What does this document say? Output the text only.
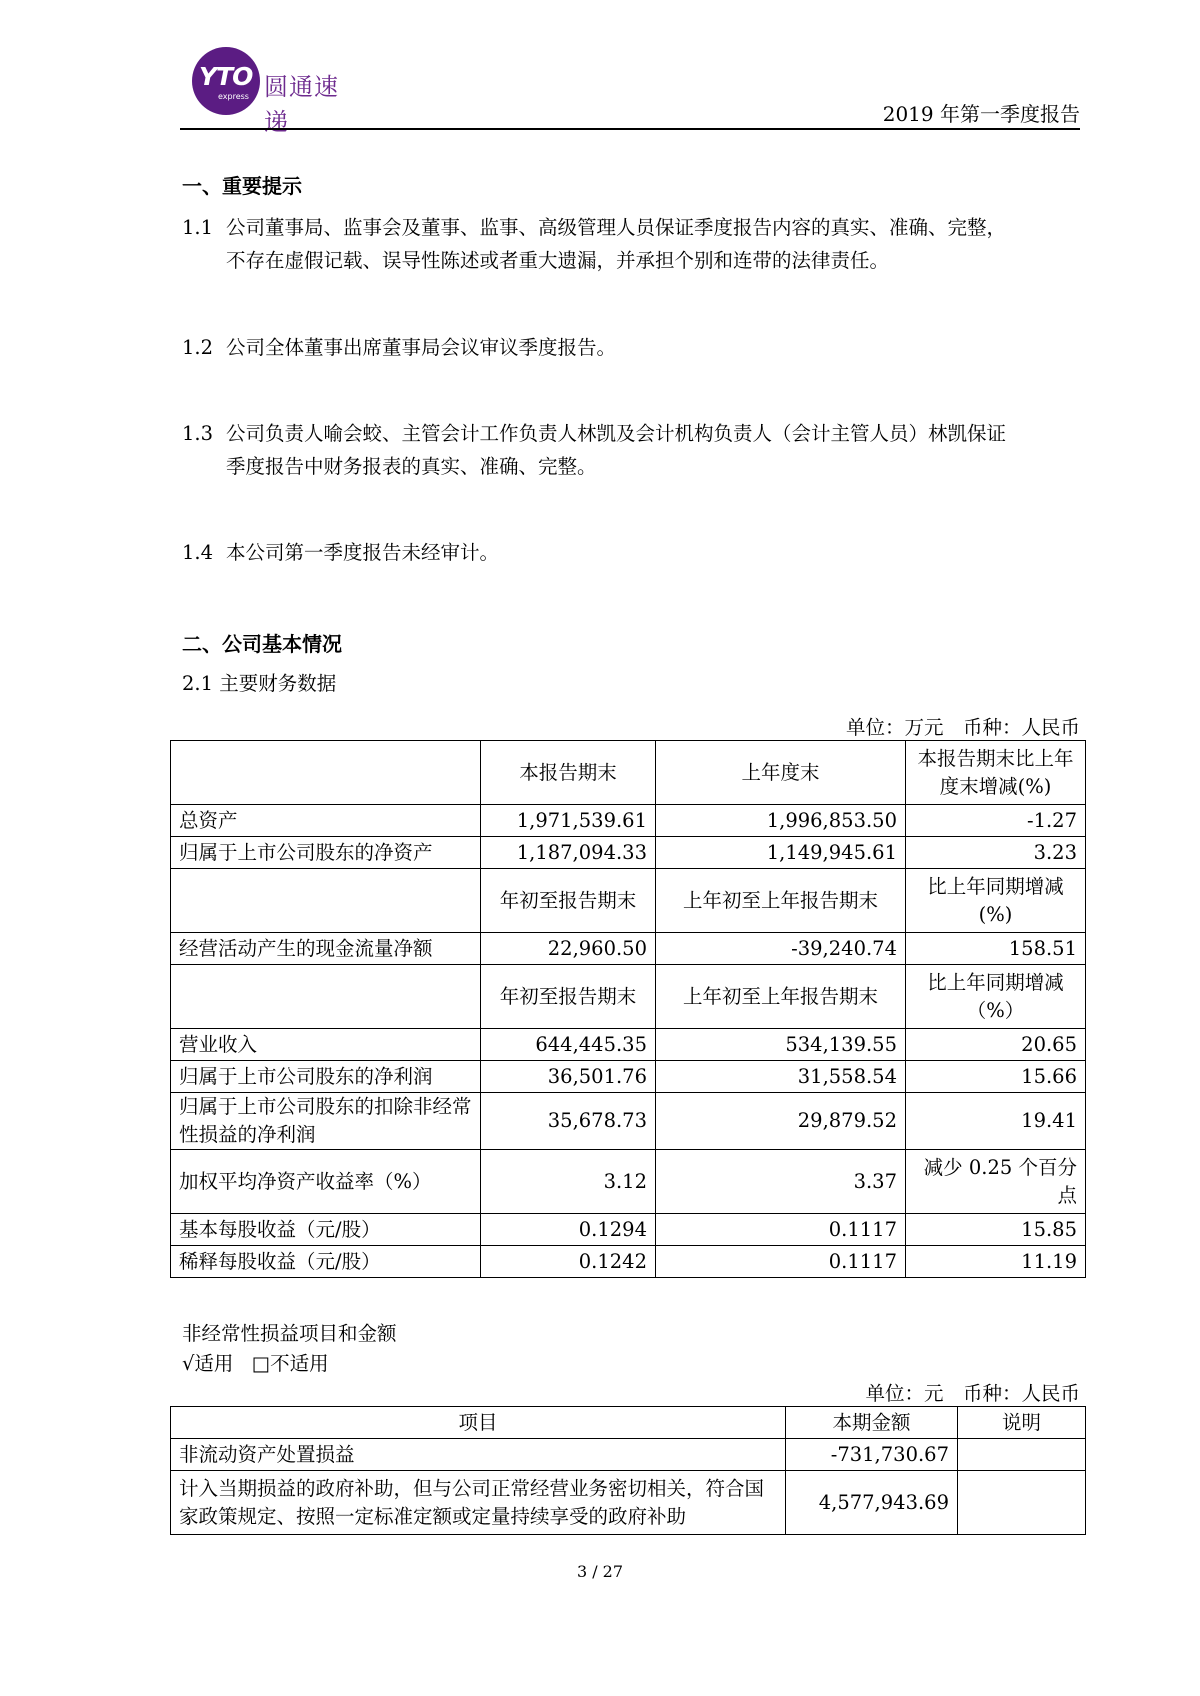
YTO
express 圆通速递	2019 年第一季度报告
一、重要提示
1.1 公司董事局、监事会及董事、监事、高级管理人员保证季度报告内容的真实、准确、完整，
不存在虚假记载、误导性陈述或者重大遗漏，并承担个别和连带的法律责任。
1.2 公司全体董事出席董事局会议审议季度报告。
1.3 公司负责人喻会蛟、主管会计工作负责人林凯及会计机构负责人（会计主管人员）林凯保证
季度报告中财务报表的真实、准确、完整。
1.4 本公司第一季度报告未经审计。
二、公司基本情况
2.1 主要财务数据
单位：万元　币种：人民币
	本报告期末	上年度末	本报告期末比上年度末增减(%)
总资产	1,971,539.61	1,996,853.50	-1.27
归属于上市公司股东的净资产	1,187,094.33	1,149,945.61	3.23
	年初至报告期末	上年初至上年报告期末	比上年同期增减(%)
经营活动产生的现金流量净额	22,960.50	-39,240.74	158.51
	年初至报告期末	上年初至上年报告期末	比上年同期增减（%）
营业收入	644,445.35	534,139.55	20.65
归属于上市公司股东的净利润	36,501.76	31,558.54	15.66
归属于上市公司股东的扣除非经常性损益的净利润	35,678.73	29,879.52	19.41
加权平均净资产收益率（%）	3.12	3.37	减少 0.25 个百分点
基本每股收益（元/股）	0.1294	0.1117	15.85
稀释每股收益（元/股）	0.1242	0.1117	11.19
非经常性损益项目和金额
√适用 □不适用
单位：元　币种：人民币
项目	本期金额	说明
非流动资产处置损益	-731,730.67	
计入当期损益的政府补助，但与公司正常经营业务密切相关，符合国家政策规定、按照一定标准定额或定量持续享受的政府补助	4,577,943.69	
3 / 27
